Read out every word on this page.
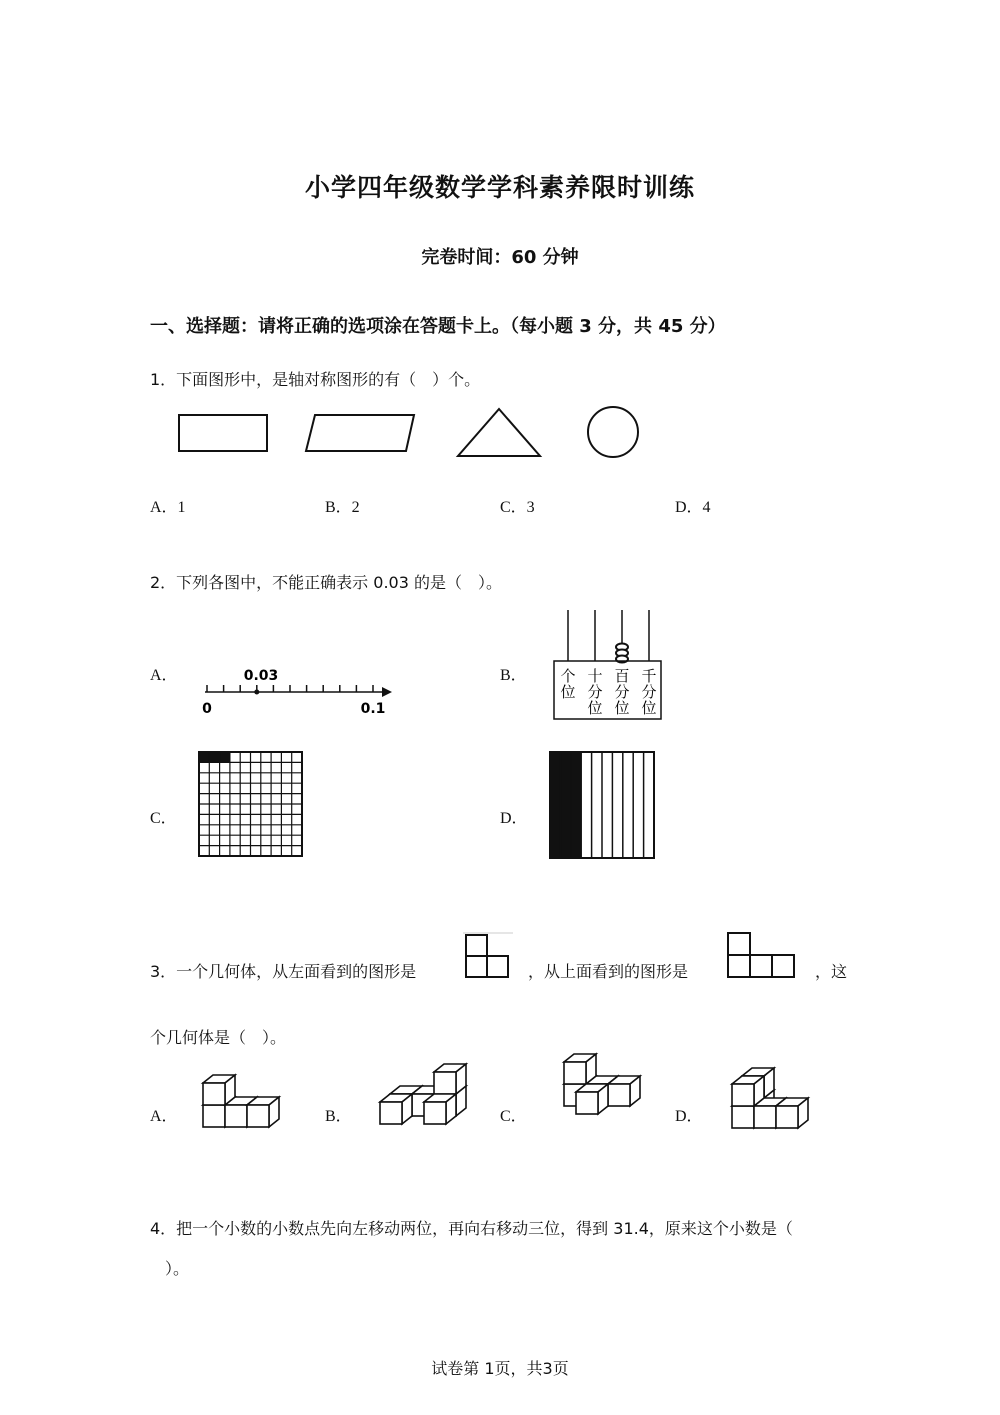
小学四年级数学学科素养限时训练
完卷时间：60 分钟
一、选择题：请将正确的选项涂在答题卡上。（每小题 3 分，共 45 分）
1．下面图形中，是轴对称图形的有（　）个。
A．1	B．2	C．3	D．4
2．下列各图中，不能正确表示 0.03 的是（　）。
A．	B．
C．	D．
0	0.1
0.03	个
位
十
分
位
百
分
位
千
分
位
3．一个几何体，从左面看到的图形是	，从上面看到的图形是	，这
个几何体是（　）。
A．	B．	C．	D．
4．把一个小数的小数点先向左移动两位，再向右移动三位，得到 31.4，原来这个小数是（
）。
试卷第 1页，共3页
